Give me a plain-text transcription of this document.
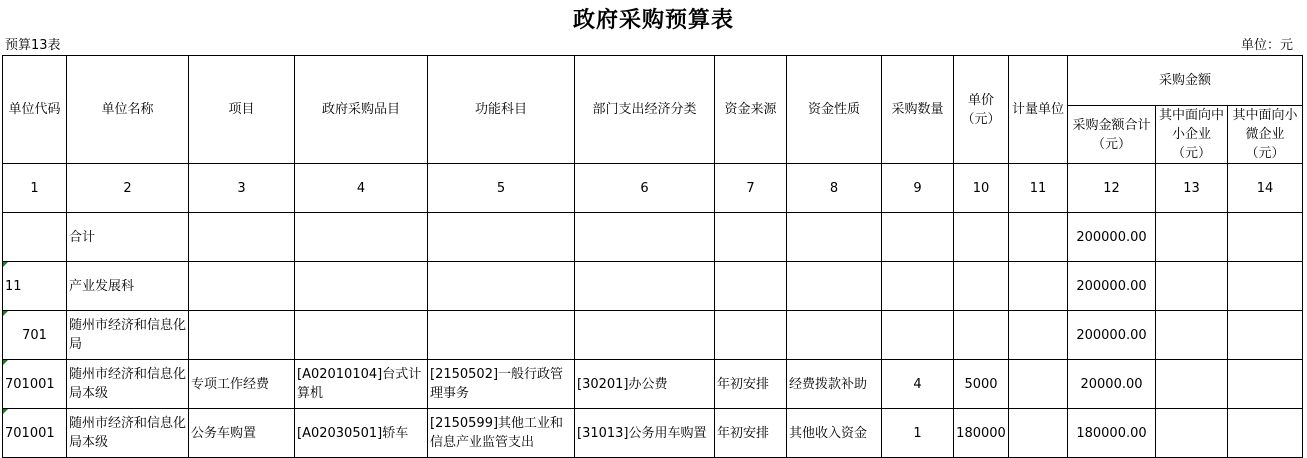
政府采购预算表
预算13表	单位：元
单位代码	单位名称	项目	政府采购品目	功能科目	部门支出经济分类	资金来源	资金性质	采购数量	单价（元）	计量单位	采购金额		
											采购金额合计（元）	其中面向中小企业（元）	其中面向小微企业（元）
1	2	3	4	5	6	7	8	9	10	11	12	13	14
	合计										200000.00		
11	产业发展科										200000.00		
701	随州市经济和信息化局										200000.00		
701001	随州市经济和信息化局本级	专项工作经费	[A02010104]台式计算机	[2150502]一般行政管理事务	[30201]办公费	年初安排	经费拨款补助	4	5000		20000.00		
701001	随州市经济和信息化局本级	公务车购置	[A02030501]轿车	[2150599]其他工业和信息产业监管支出	[31013]公务用车购置	年初安排	其他收入资金	1	180000		180000.00		
